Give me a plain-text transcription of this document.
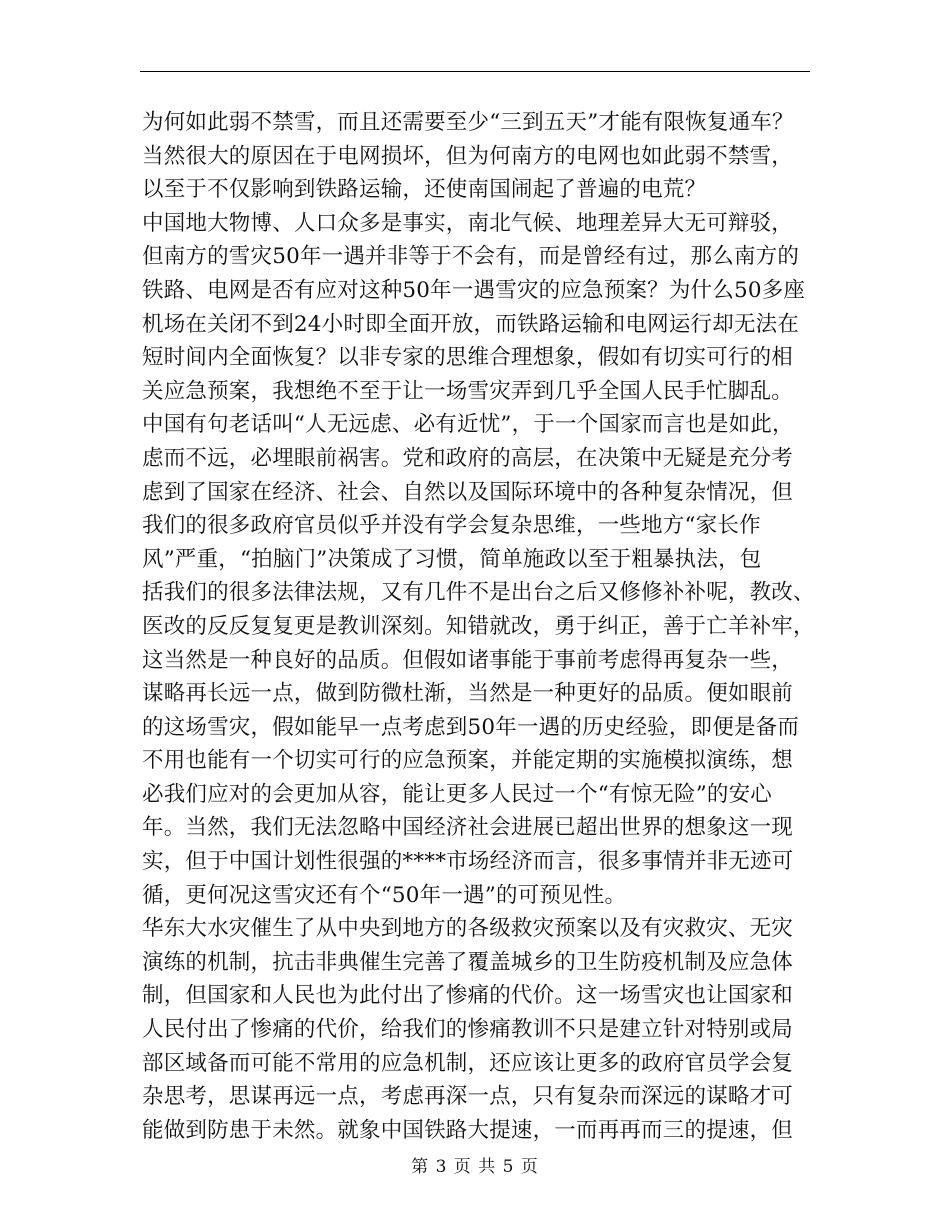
为何如此弱不禁雪，而且还需要至少“三到五天”才能有限恢复通车？
当然很大的原因在于电网损坏，但为何南方的电网也如此弱不禁雪，
以至于不仅影响到铁路运输，还使南国闹起了普遍的电荒？
中国地大物博、人口众多是事实，南北气候、地理差异大无可辩驳，
但南方的雪灾50年一遇并非等于不会有，而是曾经有过，那么南方的
铁路、电网是否有应对这种50年一遇雪灾的应急预案？为什么50多座
机场在关闭不到24小时即全面开放，而铁路运输和电网运行却无法在
短时间内全面恢复？以非专家的思维合理想象，假如有切实可行的相
关应急预案，我想绝不至于让一场雪灾弄到几乎全国人民手忙脚乱。
中国有句老话叫“人无远虑、必有近忧”，于一个国家而言也是如此，
虑而不远，必埋眼前祸害。党和政府的高层，在决策中无疑是充分考
虑到了国家在经济、社会、自然以及国际环境中的各种复杂情况，但
我们的很多政府官员似乎并没有学会复杂思维，一些地方“家长作
风”严重，“拍脑门”决策成了习惯，简单施政以至于粗暴执法，包
括我们的很多法律法规，又有几件不是出台之后又修修补补呢，教改、
医改的反反复复更是教训深刻。知错就改，勇于纠正，善于亡羊补牢，
这当然是一种良好的品质。但假如诸事能于事前考虑得再复杂一些，
谋略再长远一点，做到防微杜渐，当然是一种更好的品质。便如眼前
的这场雪灾，假如能早一点考虑到50年一遇的历史经验，即便是备而
不用也能有一个切实可行的应急预案，并能定期的实施模拟演练，想
必我们应对的会更加从容，能让更多人民过一个“有惊无险”的安心
年。当然，我们无法忽略中国经济社会进展已超出世界的想象这一现
实，但于中国计划性很强的****市场经济而言，很多事情并非无迹可
循，更何况这雪灾还有个“50年一遇”的可预见性。
华东大水灾催生了从中央到地方的各级救灾预案以及有灾救灾、无灾
演练的机制，抗击非典催生完善了覆盖城乡的卫生防疫机制及应急体
制，但国家和人民也为此付出了惨痛的代价。这一场雪灾也让国家和
人民付出了惨痛的代价，给我们的惨痛教训不只是建立针对特别或局
部区域备而可能不常用的应急机制，还应该让更多的政府官员学会复
杂思考，思谋再远一点，考虑再深一点，只有复杂而深远的谋略才可
能做到防患于未然。就象中国铁路大提速，一而再再而三的提速，但
第 3 页 共 5 页
